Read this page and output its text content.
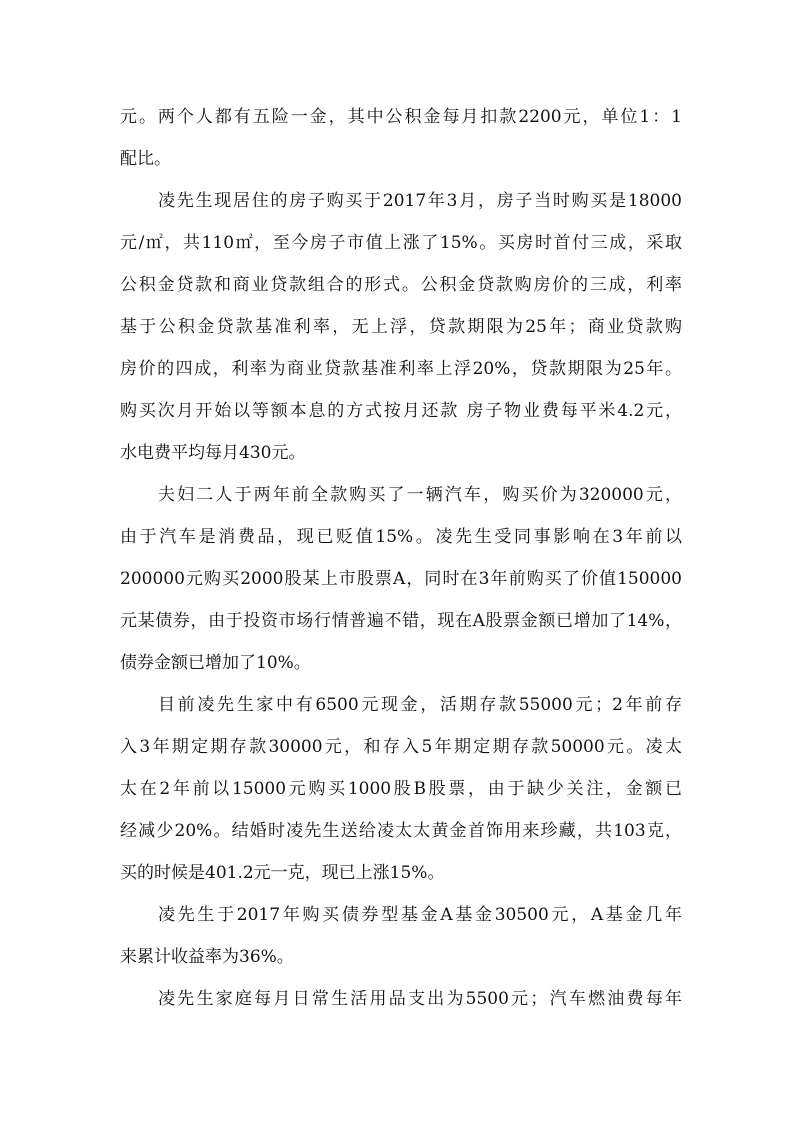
元。两个人都有五险一金，其中公积金每月扣款2200元，单位1：1
配比。
凌先生现居住的房子购买于2017年3月，房子当时购买是18000
元/㎡，共110㎡，至今房子市值上涨了15%。买房时首付三成，采取
公积金贷款和商业贷款组合的形式。公积金贷款购房价的三成，利率
基于公积金贷款基准利率，无上浮，贷款期限为25年；商业贷款购
房价的四成，利率为商业贷款基准利率上浮20%，贷款期限为25年。
购买次月开始以等额本息的方式按月还款 房子物业费每平米4.2元，
水电费平均每月430元。
夫妇二人于两年前全款购买了一辆汽车，购买价为320000元，
由于汽车是消费品，现已贬值15%。凌先生受同事影响在3年前以
200000元购买2000股某上市股票A，同时在3年前购买了价值150000
元某债券，由于投资市场行情普遍不错，现在A股票金额已增加了14%，
债券金额已增加了10%。
目前凌先生家中有6500元现金，活期存款55000元；2年前存
入3年期定期存款30000元，和存入5年期定期存款50000元。凌太
太在2年前以15000元购买1000股B股票，由于缺少关注，金额已
经减少20%。结婚时凌先生送给凌太太黄金首饰用来珍藏，共103克，
买的时候是401.2元一克，现已上涨15%。
凌先生于2017年购买债券型基金A基金30500元，A基金几年
来累计收益率为36%。
凌先生家庭每月日常生活用品支出为5500元；汽车燃油费每年
